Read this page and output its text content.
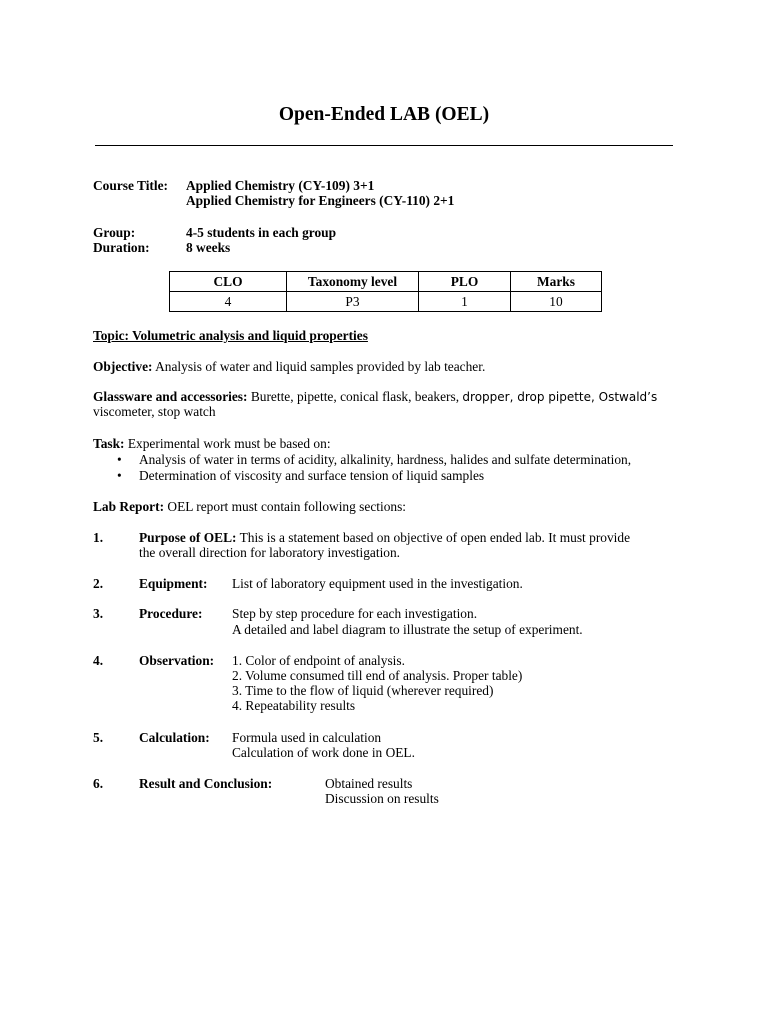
Open-Ended LAB (OEL)
Course Title: Applied Chemistry (CY-109) 3+1
Applied Chemistry for Engineers (CY-110) 2+1
Group:	4-5 students in each group
Duration:	8 weeks
CLO	Taxonomy level	PLO	Marks
4	P3	1	10
Topic: Volumetric analysis and liquid properties
Objective: Analysis of water and liquid samples provided by lab teacher.
Glassware and accessories: Burette, pipette, conical flask, beakers, dropper, drop pipette, Ostwald’s
viscometer, stop watch
Task: Experimental work must be based on:
• Analysis of water in terms of acidity, alkalinity, hardness, halides and sulfate determination,
• Determination of viscosity and surface tension of liquid samples
Lab Report: OEL report must contain following sections:
1.	Purpose of OEL: This is a statement based on objective of open ended lab. It must provide
the overall direction for laboratory investigation.
2.	Equipment: List of laboratory equipment used in the investigation.
3.	Procedure: Step by step procedure for each investigation.
A detailed and label diagram to illustrate the setup of experiment.
4.	Observation: 1. Color of endpoint of analysis.
2. Volume consumed till end of analysis. Proper table)
3. Time to the flow of liquid (wherever required)
4. Repeatability results
5.	Calculation: Formula used in calculation
Calculation of work done in OEL.
6.	Result and Conclusion:	Obtained results
Discussion on results
